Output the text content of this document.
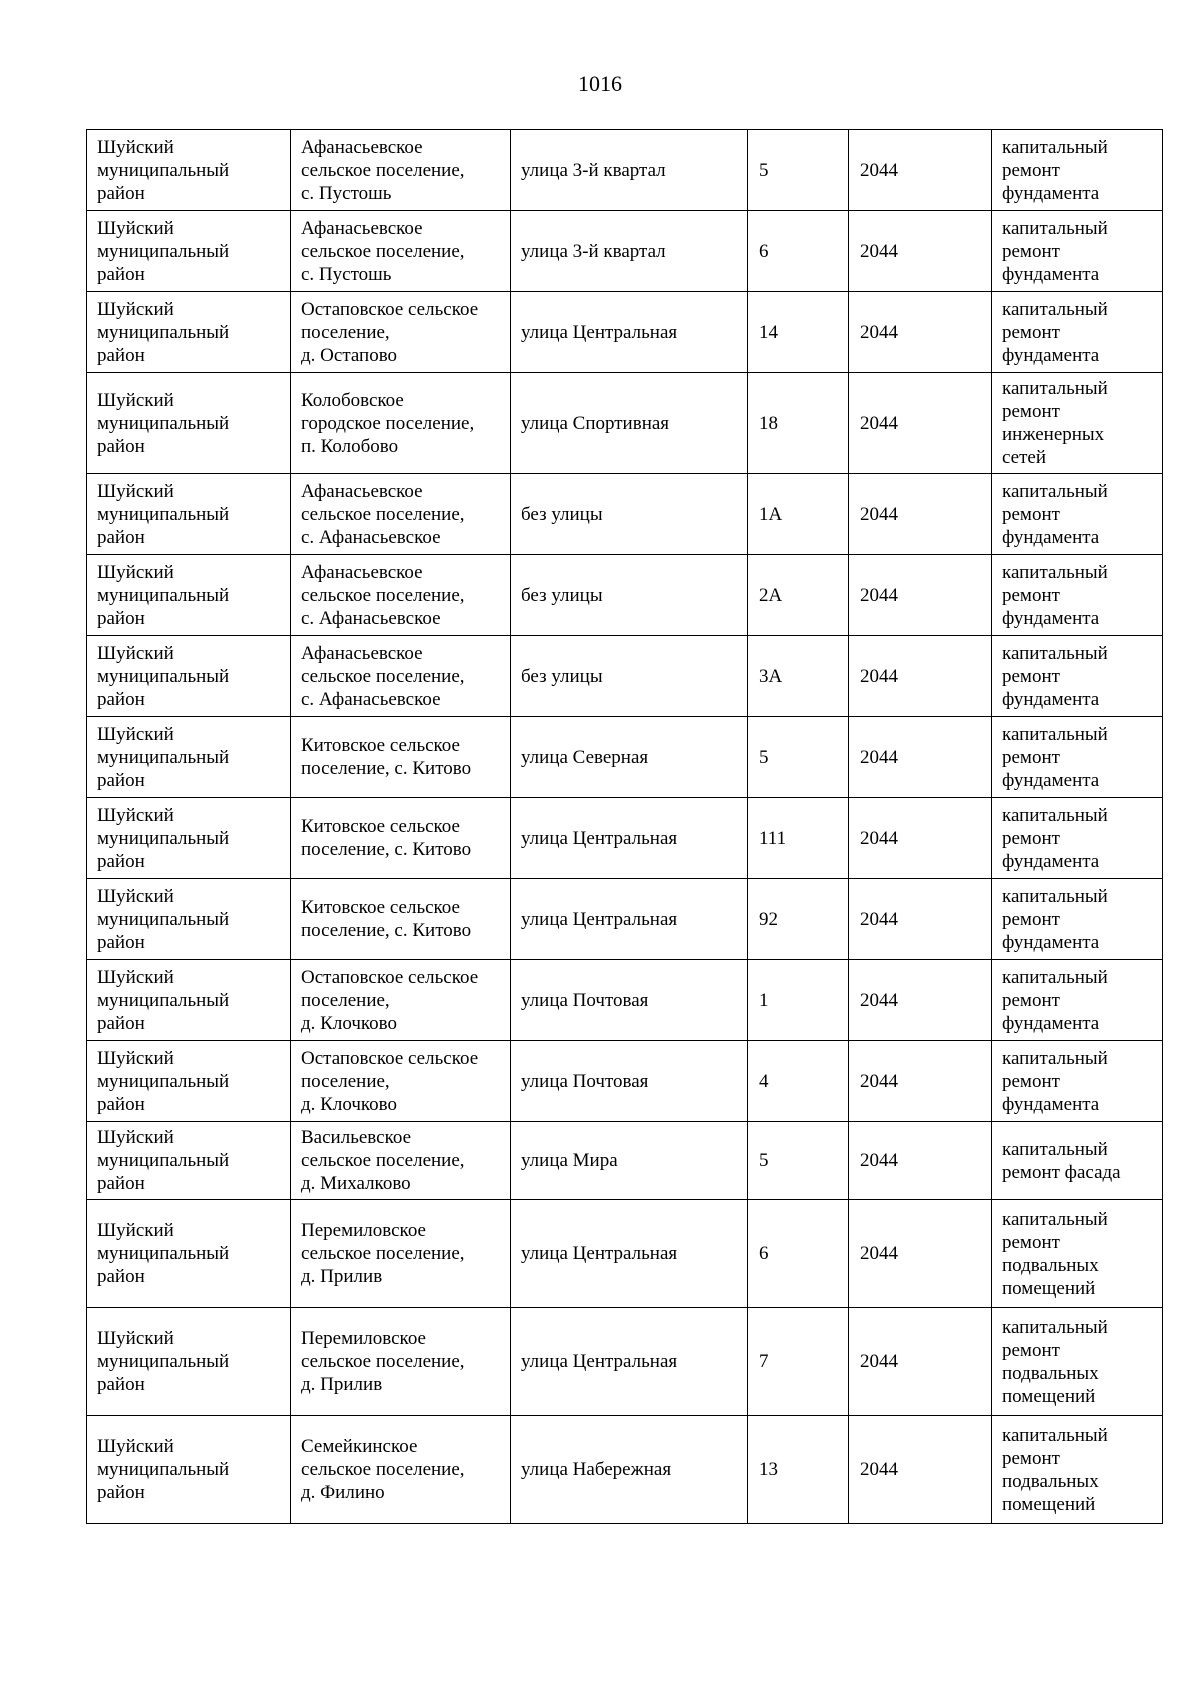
1016
Шуйский
муниципальный
район	Афанасьевское
сельское поселение,
с. Пустошь	улица 3-й квартал	5	2044	капитальный
ремонт
фундамента
Шуйский
муниципальный
район	Афанасьевское
сельское поселение,
с. Пустошь	улица 3-й квартал	6	2044	капитальный
ремонт
фундамента
Шуйский
муниципальный
район	Остаповское сельское
поселение,
д. Остапово	улица Центральная	14	2044	капитальный
ремонт
фундамента
Шуйский
муниципальный
район	Колобовское
городское поселение,
п. Колобово	улица Спортивная	18	2044	капитальный
ремонт
инженерных
сетей
Шуйский
муниципальный
район	Афанасьевское
сельское поселение,
с. Афанасьевское	без улицы	1А	2044	капитальный
ремонт
фундамента
Шуйский
муниципальный
район	Афанасьевское
сельское поселение,
с. Афанасьевское	без улицы	2А	2044	капитальный
ремонт
фундамента
Шуйский
муниципальный
район	Афанасьевское
сельское поселение,
с. Афанасьевское	без улицы	3А	2044	капитальный
ремонт
фундамента
Шуйский
муниципальный
район	Китовское сельское
поселение, с. Китово	улица Северная	5	2044	капитальный
ремонт
фундамента
Шуйский
муниципальный
район	Китовское сельское
поселение, с. Китово	улица Центральная	111	2044	капитальный
ремонт
фундамента
Шуйский
муниципальный
район	Китовское сельское
поселение, с. Китово	улица Центральная	92	2044	капитальный
ремонт
фундамента
Шуйский
муниципальный
район	Остаповское сельское
поселение,
д. Клочково	улица Почтовая	1	2044	капитальный
ремонт
фундамента
Шуйский
муниципальный
район	Остаповское сельское
поселение,
д. Клочково	улица Почтовая	4	2044	капитальный
ремонт
фундамента
Шуйский
муниципальный
район	Васильевское
сельское поселение,
д. Михалково	улица Мира	5	2044	капитальный
ремонт фасада
Шуйский
муниципальный
район	Перемиловское
сельское поселение,
д. Прилив	улица Центральная	6	2044	капитальный
ремонт
подвальных
помещений
Шуйский
муниципальный
район	Перемиловское
сельское поселение,
д. Прилив	улица Центральная	7	2044	капитальный
ремонт
подвальных
помещений
Шуйский
муниципальный
район	Семейкинское
сельское поселение,
д. Филино	улица Набережная	13	2044	капитальный
ремонт
подвальных
помещений
